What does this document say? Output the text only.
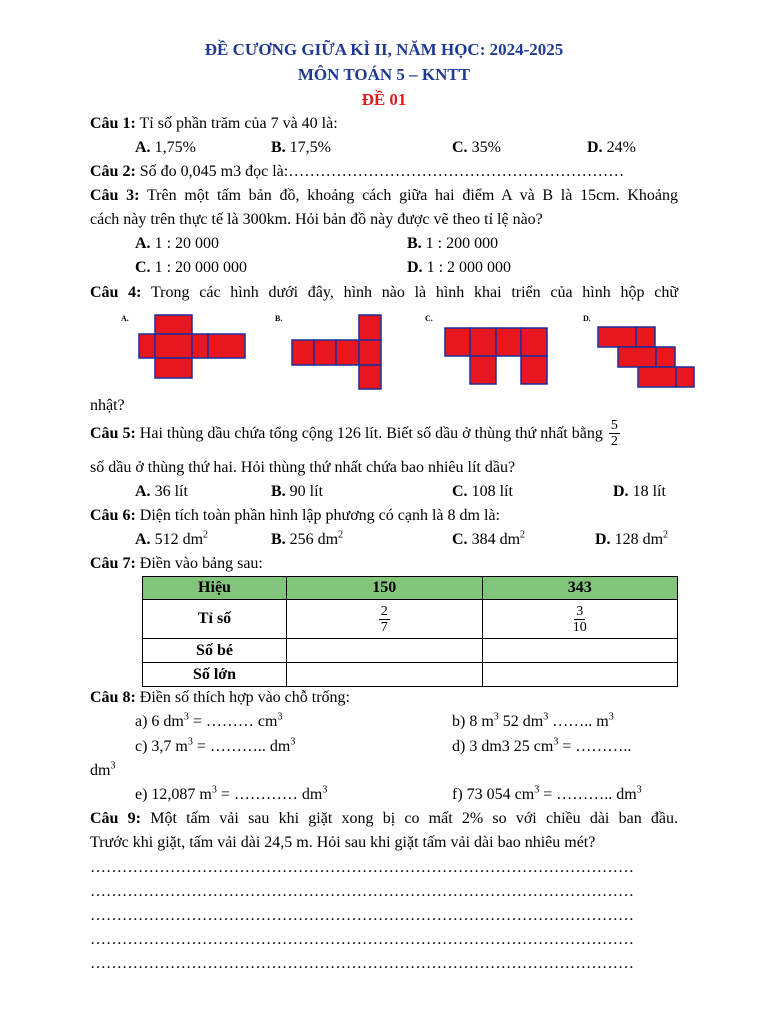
ĐỀ CƯƠNG GIỮA KÌ II, NĂM HỌC: 2024-2025
MÔN TOÁN 5 – KNTT
ĐỀ 01
Câu 1: Tỉ số phần trăm của 7 và 40 là:
A. 1,75%	B. 17,5%	C. 35%	D. 24%
Câu 2: Số đo 0,045 m3 đọc là:………………………………………………………
Câu 3: Trên một tấm bản đồ, khoảng cách giữa hai điểm A và B là 15cm. Khoảng
cách này trên thực tế là 300km. Hỏi bản đồ này được vẽ theo tỉ lệ nào?
A. 1 : 20 000	B. 1 : 200 000
C. 1 : 20 000 000	D. 1 : 2 000 000
Câu 4: Trong các hình dưới đây, hình nào là hình khai triển của hình hộp chữ
A.	B.	C.	D.
nhật?
Câu 5: Hai thùng dầu chứa tổng cộng 126 lít. Biết số dầu ở thùng thứ nhất bằng $\frac{5}{2}$
số dầu ở thùng thứ hai. Hỏi thùng thứ nhất chứa bao nhiêu lít dầu?
A. 36 lít	B. 90 lít	C. 108 lít	D. 18 lít
Câu 6: Diện tích toàn phần hình lập phương có cạnh là 8 dm là:
A. 512 $dm^2$	B. 256 $dm^2$	C. 384 $dm^2$	D. 128 $dm^2$
Câu 7: Điền vào bảng sau:
Hiệu	150	343
Tỉ số	$\frac{2}{7}$	$\frac{3}{10}$

Số bé		
Số lớn		
Câu 8: Điền số thích hợp vào chỗ trống:
a) 6 $dm^3$ = ……… $cm^3$	b) 8 $m^3$ 52 $dm^3$ …….. $m^3$
c) 3,7 $m^3$ = ……….. $dm^3$	d) 3 dm3 25 $cm^3$ = ………..
$dm^3$
e) 12,087 $m^3$ = ………… $dm^3$	f) 73 054 $cm^3$ = ……….. $dm^3$
Câu 9: Một tấm vải sau khi giặt xong bị co mất 2% so với chiều dài ban đầu.
Trước khi giặt, tấm vải dài 24,5 m. Hỏi sau khi giặt tấm vải dài bao nhiêu mét?
…………………………………………………………………………………………
…………………………………………………………………………………………
…………………………………………………………………………………………
…………………………………………………………………………………………
…………………………………………………………………………………………
